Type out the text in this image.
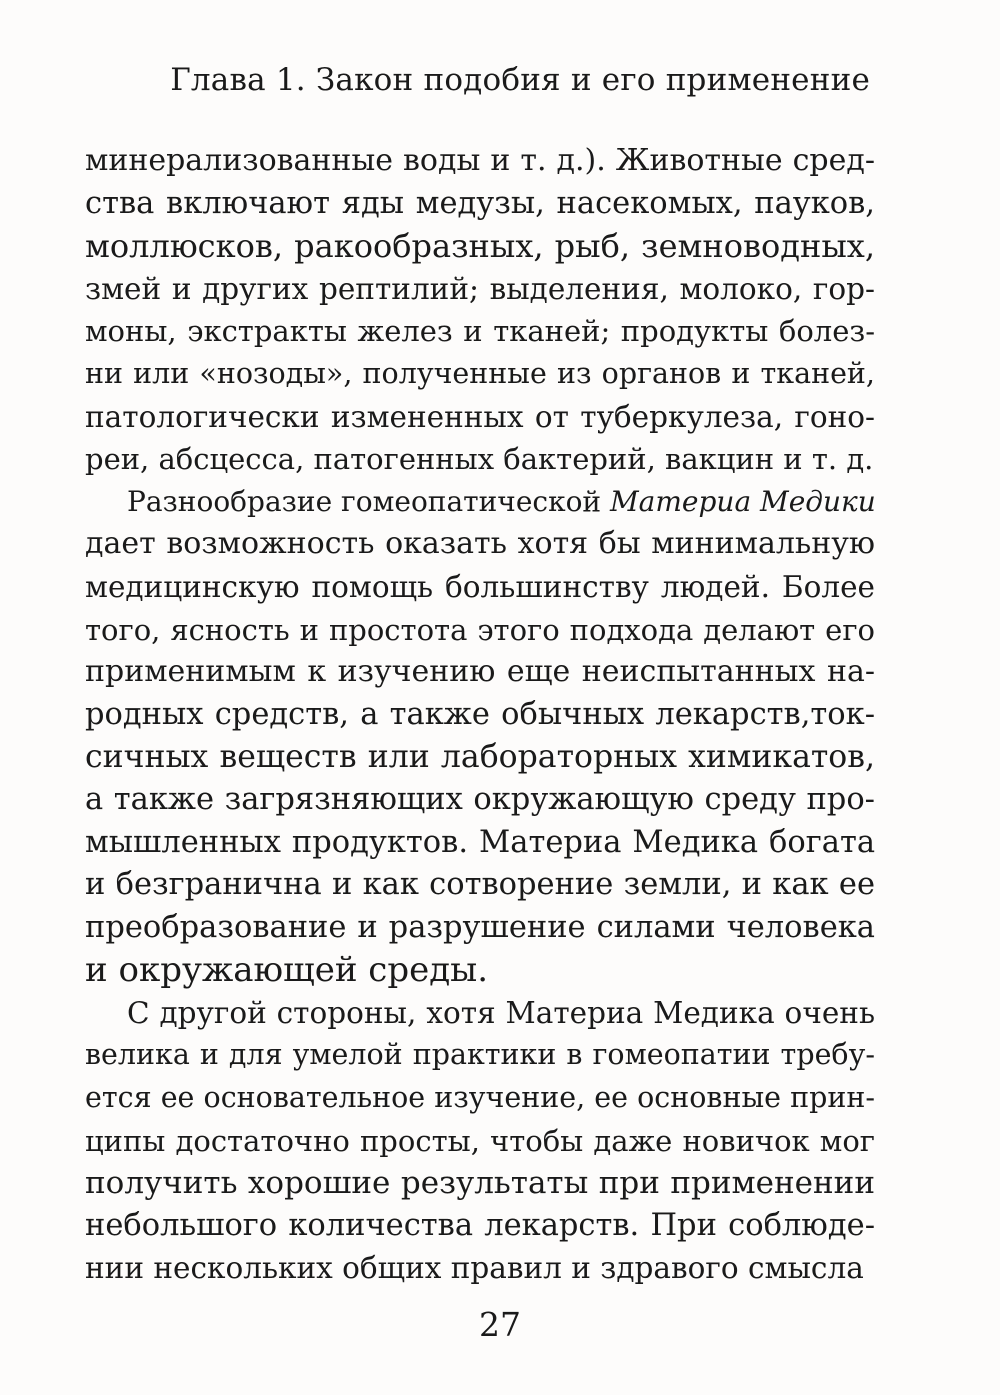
Глава 1. Закон подобия и его применение
минерализованные воды и т. д.). Животные сред-
ства включают яды медузы, насекомых, пауков,
моллюсков, ракообразных, рыб, земноводных,
змей и других рептилий; выделения, молоко, гор-
моны, экстракты желез и тканей; продукты болез-
ни или «нозоды», полученные из органов и тканей,
патологически измененных от туберкулеза, гоно-
реи, абсцесса, патогенных бактерий, вакцин и т. д.
Разнообразие гомеопатической Материа Медики
дает возможность оказать хотя бы минимальную
медицинскую помощь большинству людей. Более
того, ясность и простота этого подхода делают его
применимым к изучению еще неиспытанных на-
родных средств, а также обычных лекарств,ток-
сичных веществ или лабораторных химикатов,
а также загрязняющих окружающую среду про-
мышленных продуктов. Материа Медика богата
и безгранична и как сотворение земли, и как ее
преобразование и разрушение силами человека
и окружающей среды.
С другой стороны, хотя Материа Медика очень
велика и для умелой практики в гомеопатии требу-
ется ее основательное изучение, ее основные прин-
ципы достаточно просты, чтобы даже новичок мог
получить хорошие результаты при применении
небольшого количества лекарств. При соблюде-
нии нескольких общих правил и здравого смысла
27
